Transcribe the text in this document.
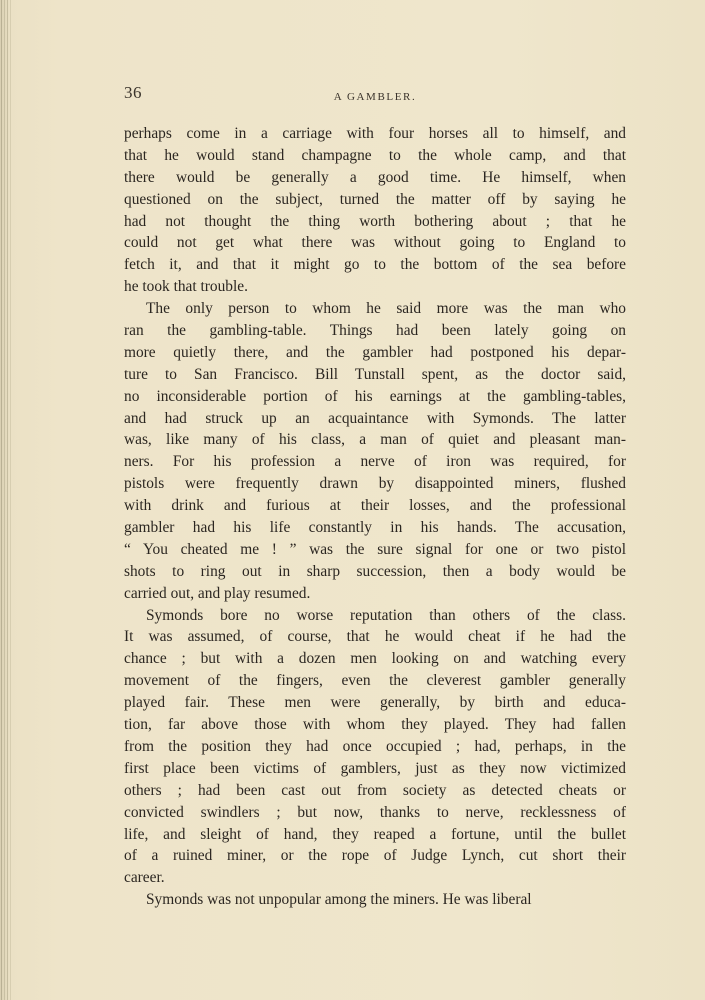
36	A GAMBLER.
perhaps come in a carriage with four horses all to himself, and
that he would stand champagne to the whole camp, and that
there would be generally a good time. He himself, when
questioned on the subject, turned the matter off by saying he
had not thought the thing worth bothering about ; that he
could not get what there was without going to England to
fetch it, and that it might go to the bottom of the sea before
he took that trouble.
The only person to whom he said more was the man who
ran the gambling-table. Things had been lately going on
more quietly there, and the gambler had postponed his depar-
ture to San Francisco. Bill Tunstall spent, as the doctor said,
no inconsiderable portion of his earnings at the gambling-tables,
and had struck up an acquaintance with Symonds. The latter
was, like many of his class, a man of quiet and pleasant man-
ners. For his profession a nerve of iron was required, for
pistols were frequently drawn by disappointed miners, flushed
with drink and furious at their losses, and the professional
gambler had his life constantly in his hands. The accusation,
“ You cheated me ! ” was the sure signal for one or two pistol
shots to ring out in sharp succession, then a body would be
carried out, and play resumed.
Symonds bore no worse reputation than others of the class.
It was assumed, of course, that he would cheat if he had the
chance ; but with a dozen men looking on and watching every
movement of the fingers, even the cleverest gambler generally
played fair. These men were generally, by birth and educa-
tion, far above those with whom they played. They had fallen
from the position they had once occupied ; had, perhaps, in the
first place been victims of gamblers, just as they now victimized
others ; had been cast out from society as detected cheats or
convicted swindlers ; but now, thanks to nerve, recklessness of
life, and sleight of hand, they reaped a fortune, until the bullet
of a ruined miner, or the rope of Judge Lynch, cut short their
career.
Symonds was not unpopular among the miners. He was liberal
